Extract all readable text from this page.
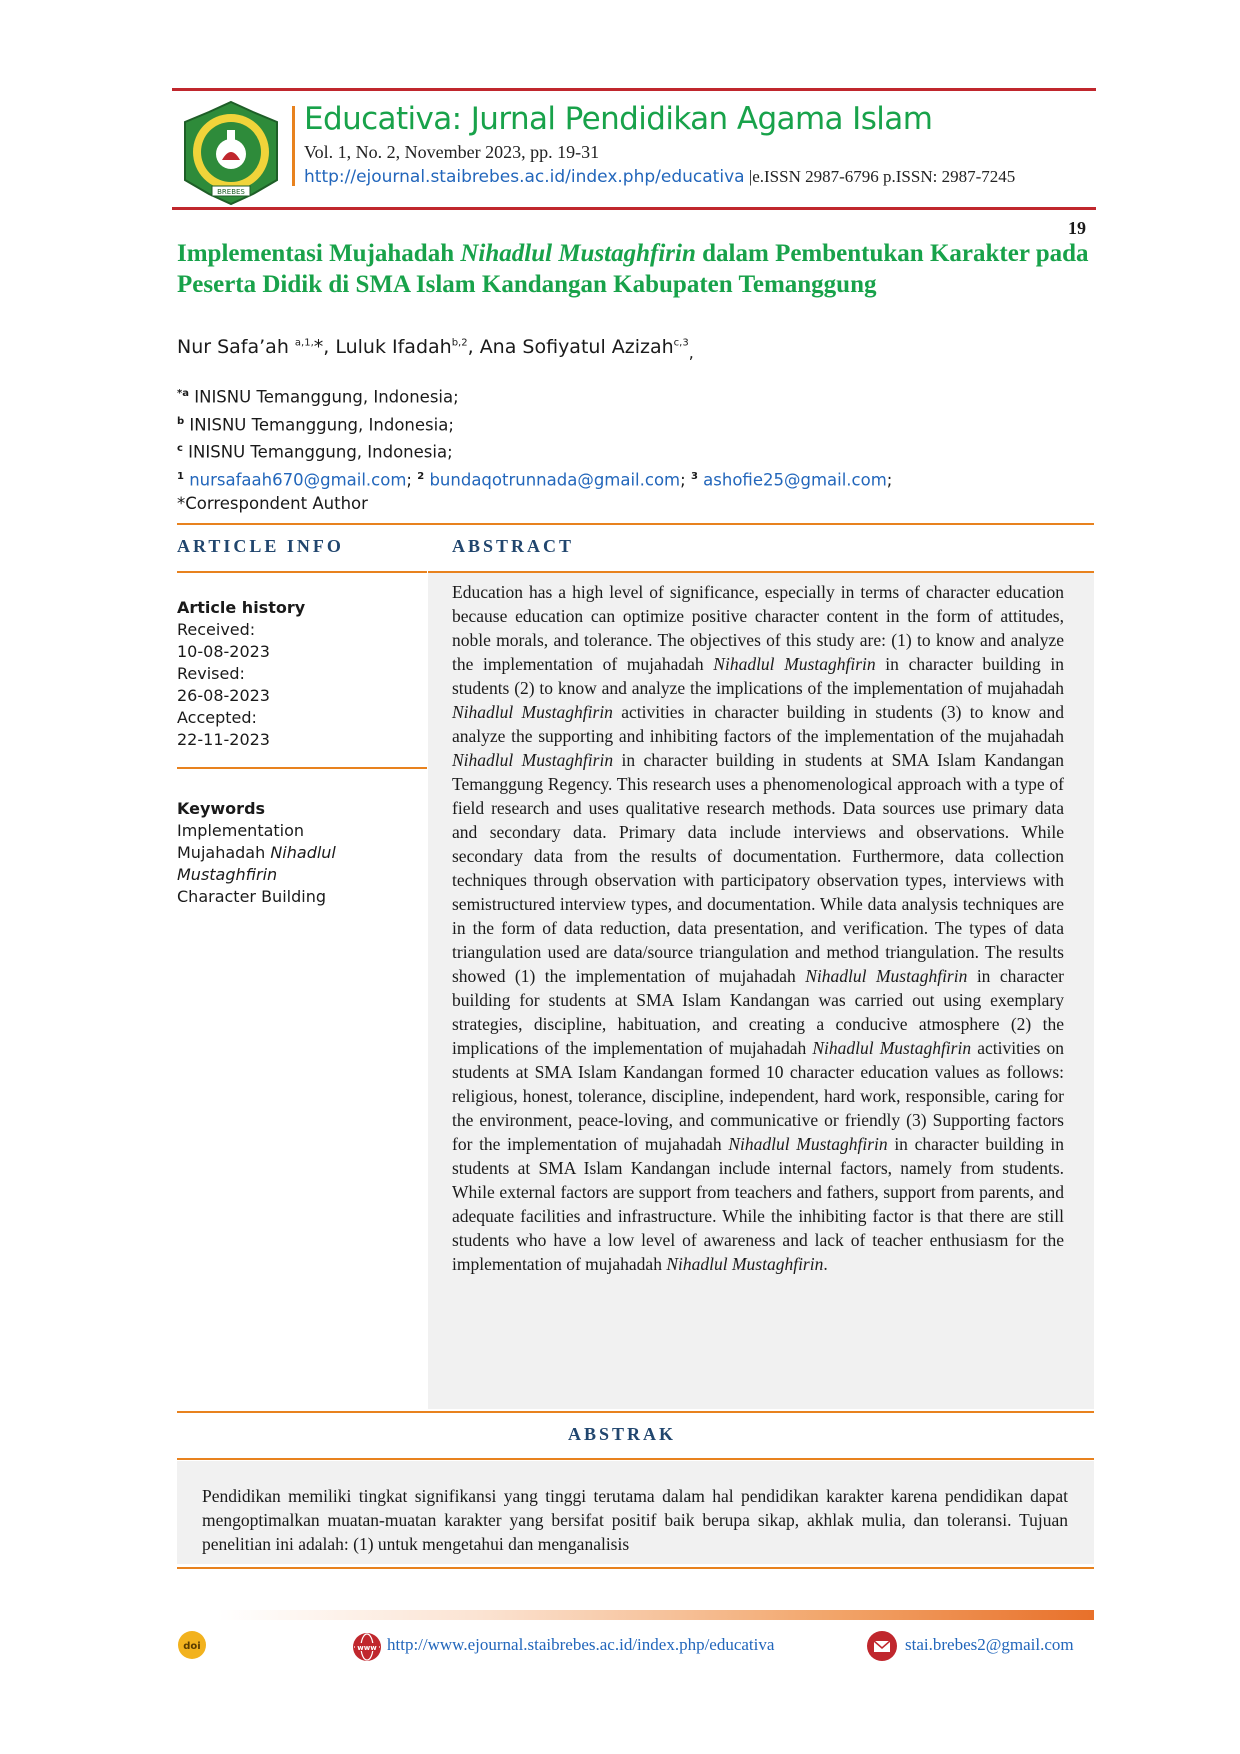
BREBES
Educativa: Jurnal Pendidikan Agama Islam
Vol. 1, No. 2, November 2023, pp. 19-31
http://ejournal.staibrebes.ac.id/index.php/educativa |e.ISSN 2987-6796 p.ISSN: 2987-7245
19
Implementasi Mujahadah Nihadlul Mustaghfirin dalam Pembentukan Karakter pada Peserta Didik di SMA Islam Kandangan Kabupaten Temanggung
Nur Safa’ah $^{a,1,}$*, Luluk Ifadah$^{b,2}$, Ana Sofiyatul Azizah$^{c,3}_,$
$^{*a}$ INISNU Temanggung, Indonesia;
$^b$ INISNU Temanggung, Indonesia;
$^c$ INISNU Temanggung, Indonesia;
$^1$ nursafaah670@gmail.com; $^2$ bundaqotrunnada@gmail.com; $^3$ ashofie25@gmail.com;
*Correspondent Author
ARTICLE INFO	ABSTRACT
Article history
Received:
10-08-2023
Revised:
26-08-2023
Accepted:
22-11-2023
Keywords
Implementation
Mujahadah Nihadlul Mustaghfirin
Character Building

Education has a high level of significance, especially in terms of character education because education can optimize positive character content in the form of attitudes, noble morals, and tolerance. The objectives of this study are: (1) to know and analyze the implementation of mujahadah Nihadlul Mustaghfirin in character building in students (2) to know and analyze the implications of the implementation of mujahadah Nihadlul Mustaghfirin activities in character building in students (3) to know and analyze the supporting and inhibiting factors of the implementation of the mujahadah Nihadlul Mustaghfirin in character building in students at SMA Islam Kandangan Temanggung Regency. This research uses a phenomenological approach with a type of field research and uses qualitative research methods. Data sources use primary data and secondary data. Primary data include interviews and observations. While secondary data from the results of documentation. Furthermore, data collection techniques through observation with participatory observation types, interviews with semistructured interview types, and documentation. While data analysis techniques are in the form of data reduction, data presentation, and verification. The types of data triangulation used are data/source triangulation and method triangulation. The results showed (1) the implementation of mujahadah Nihadlul Mustaghfirin in character building for students at SMA Islam Kandangan was carried out using exemplary strategies, discipline, habituation, and creating a conducive atmosphere (2) the implications of the implementation of mujahadah Nihadlul Mustaghfirin activities on students at SMA Islam Kandangan formed 10 character education values as follows: religious, honest, tolerance, discipline, independent, hard work, responsible, caring for the environment, peace-loving, and communicative or friendly (3) Supporting factors for the implementation of mujahadah Nihadlul Mustaghfirin in character building in students at SMA Islam Kandangan include internal factors, namely from students. While external factors are support from teachers and fathers, support from parents, and adequate facilities and infrastructure. While the inhibiting factor is that there are still students who have a low level of awareness and lack of teacher enthusiasm for the implementation of mujahadah Nihadlul Mustaghfirin.

ABSTRAK

Pendidikan memiliki tingkat signifikansi yang tinggi terutama dalam hal pendidikan karakter karena pendidikan dapat mengoptimalkan muatan-muatan karakter yang bersifat positif baik berupa sikap, akhlak mulia, dan toleransi. Tujuan penelitian ini adalah: (1) untuk mengetahui dan menganalisis

doi	www http://www.ejournal.staibrebes.ac.id/index.php/educativa	stai.brebes2@gmail.com
